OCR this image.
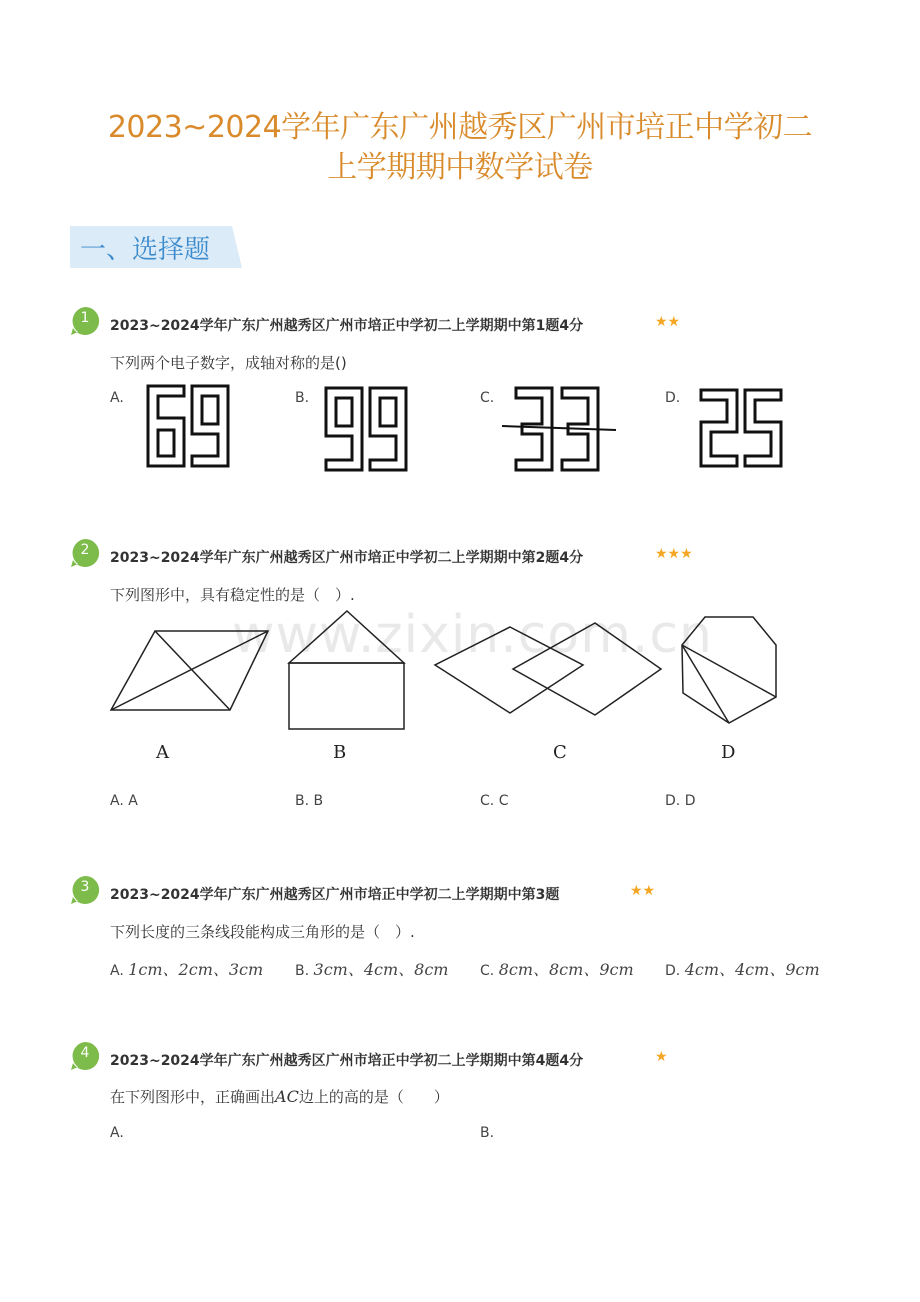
2023~2024学年广东广州越秀区广州市培正中学初二
上学期期中数学试卷
一、选择题
1	2023~2024学年广东广州越秀区广州市培正中学初二上学期期中第1题4分	★★
下列两个电子数字，成轴对称的是()
A.	B.	C.	D.
2	2023~2024学年广东广州越秀区广州市培正中学初二上学期期中第2题4分	★★★
下列图形中，具有稳定性的是（　）.
www.zixin.com.cn
A	B	C	D
A. A	B. B	C. C	D. D
3	2023~2024学年广东广州越秀区广州市培正中学初二上学期期中第3题	★★
下列长度的三条线段能构成三角形的是（　）.
A. 1cm、2cm、3cm B. 3cm、4cm、8cm C. 8cm、8cm、9cm D. 4cm、4cm、9cm
4	2023~2024学年广东广州越秀区广州市培正中学初二上学期期中第4题4分	★
在下列图形中，正确画出AC边上的高的是（　　）
A.	B.
